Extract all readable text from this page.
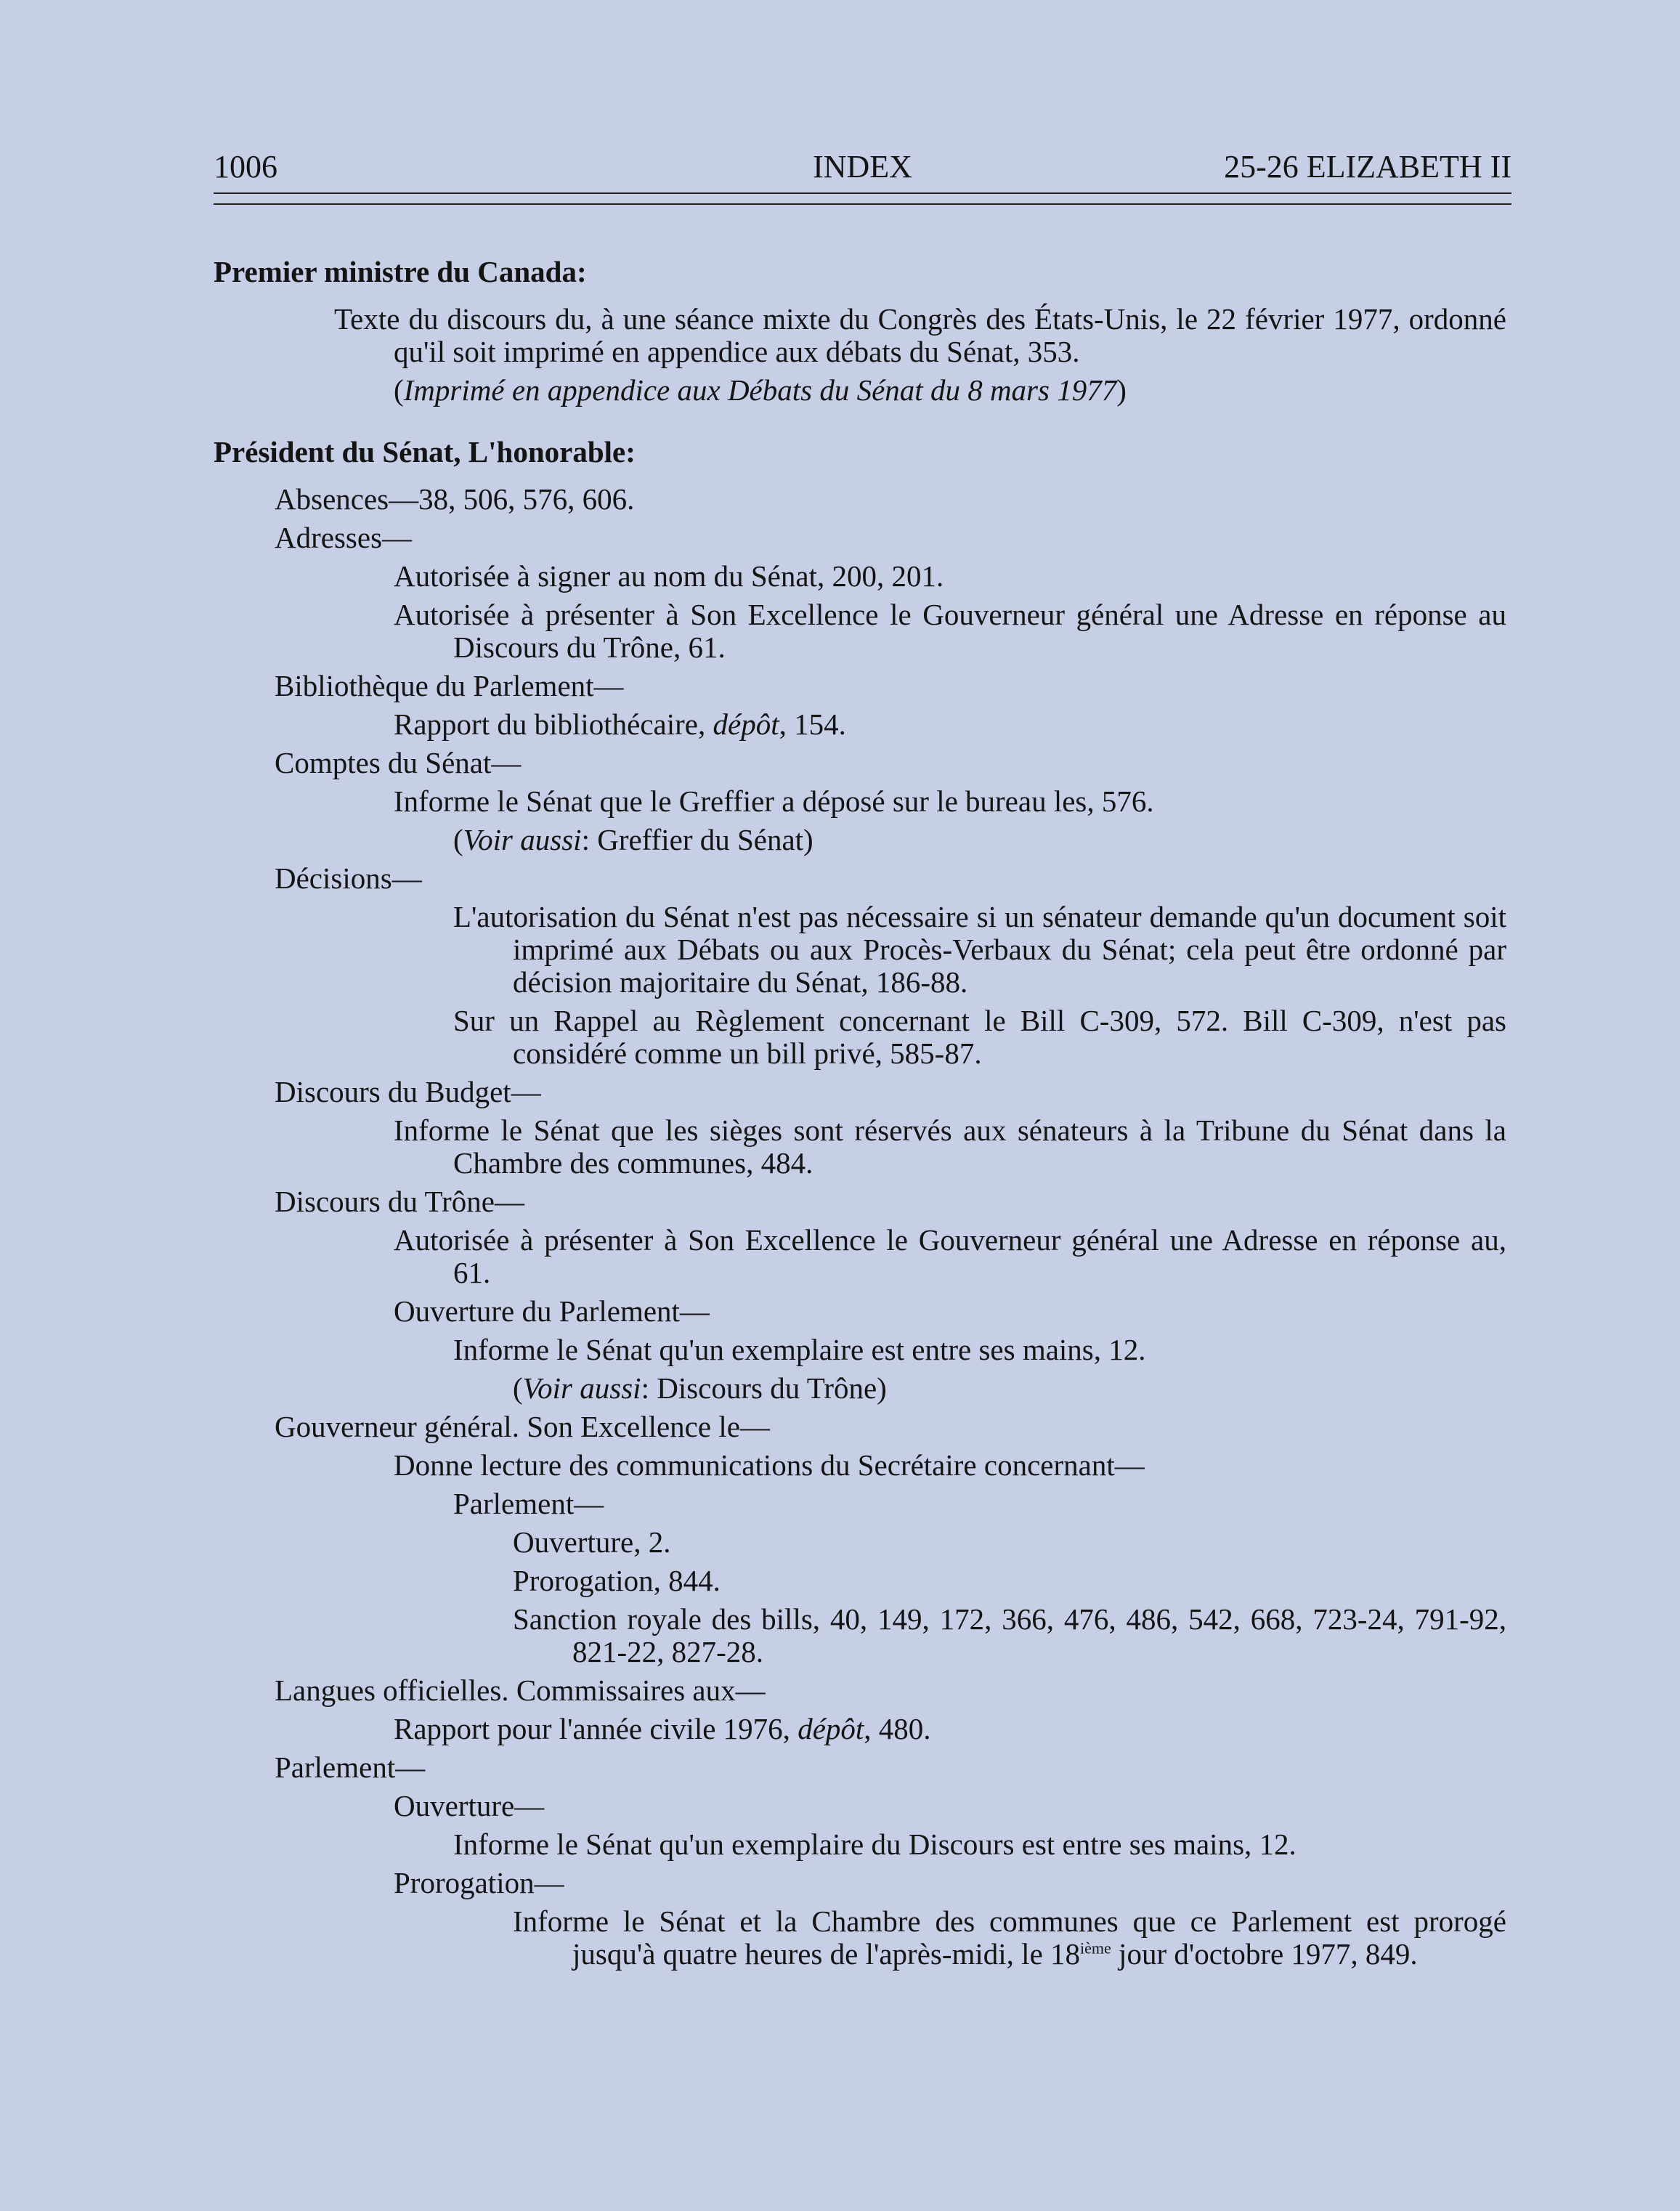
1006	INDEX	25-26 ELIZABETH II
Premier ministre du Canada:
Texte du discours du, à une séance mixte du Congrès des États-Unis, le 22 février 1977, ordonné qu'il soit imprimé en appendice aux débats du Sénat, 353.
(Imprimé en appendice aux Débats du Sénat du 8 mars 1977)
Président du Sénat, L'honorable:
Absences—38, 506, 576, 606.
Adresses—
Autorisée à signer au nom du Sénat, 200, 201.
Autorisée à présenter à Son Excellence le Gouverneur général une Adresse en réponse au Discours du Trône, 61.
Bibliothèque du Parlement—
Rapport du bibliothécaire, dépôt, 154.
Comptes du Sénat—
Informe le Sénat que le Greffier a déposé sur le bureau les, 576.
(Voir aussi: Greffier du Sénat)
Décisions—
L'autorisation du Sénat n'est pas nécessaire si un sénateur demande qu'un document soit imprimé aux Débats ou aux Procès-Verbaux du Sénat; cela peut être ordonné par décision majoritaire du Sénat, 186-88.
Sur un Rappel au Règlement concernant le Bill C-309, 572. Bill C-309, n'est pas considéré comme un bill privé, 585-87.
Discours du Budget—
Informe le Sénat que les sièges sont réservés aux sénateurs à la Tribune du Sénat dans la Chambre des communes, 484.
Discours du Trône—
Autorisée à présenter à Son Excellence le Gouverneur général une Adresse en réponse au, 61.
Ouverture du Parlement—
Informe le Sénat qu'un exemplaire est entre ses mains, 12.
(Voir aussi: Discours du Trône)
Gouverneur général. Son Excellence le—
Donne lecture des communications du Secrétaire concernant—
Parlement—
Ouverture, 2.
Prorogation, 844.
Sanction royale des bills, 40, 149, 172, 366, 476, 486, 542, 668, 723-24, 791-92, 821-22, 827-28.
Langues officielles. Commissaires aux—
Rapport pour l'année civile 1976, dépôt, 480.
Parlement—
Ouverture—
Informe le Sénat qu'un exemplaire du Discours est entre ses mains, 12.
Prorogation—
Informe le Sénat et la Chambre des communes que ce Parlement est prorogé jusqu'à quatre heures de l'après-midi, le 18ième jour d'octobre 1977, 849.
